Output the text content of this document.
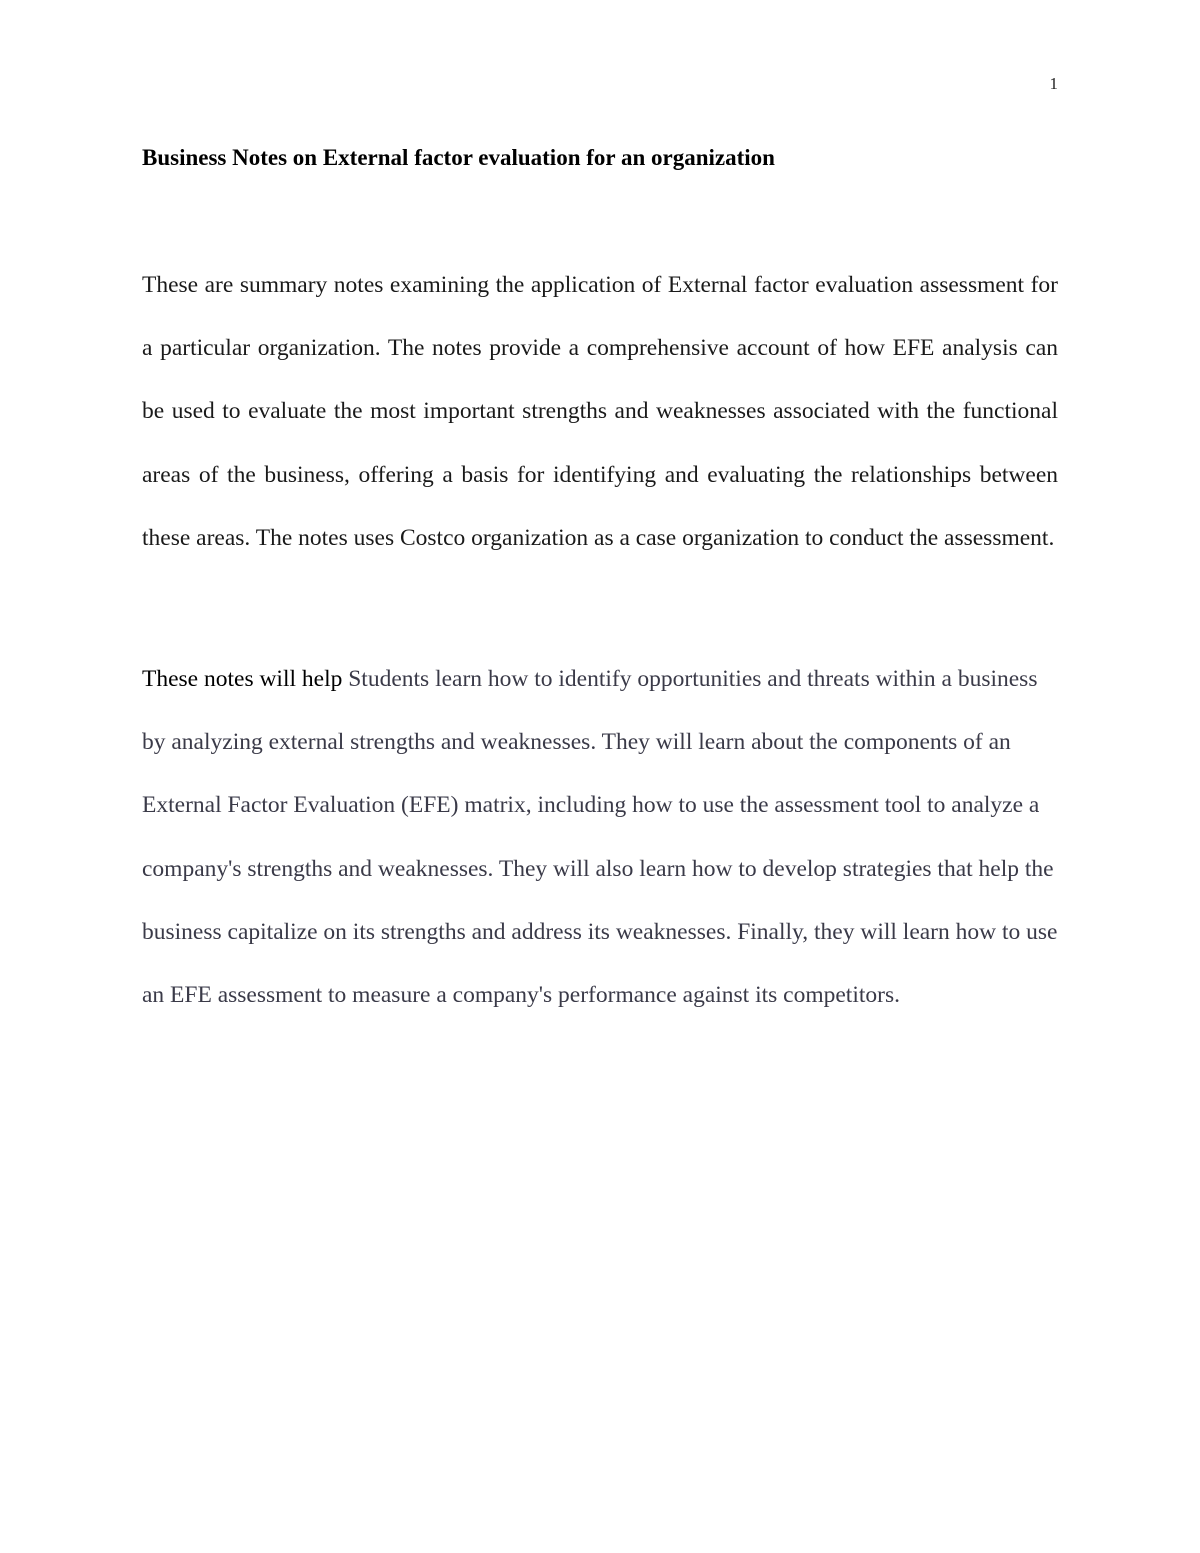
1
Business Notes on External factor evaluation for an organization

These are summary notes examining the application of External factor evaluation assessment for a particular organization. The notes provide a comprehensive account of how EFE analysis can be used to evaluate the most important strengths and weaknesses associated with the functional areas of the business, offering a basis for identifying and evaluating the relationships between these areas. The notes uses Costco organization as a case organization to conduct the assessment.

These notes will help Students learn how to identify opportunities and threats within a business by analyzing external strengths and weaknesses. They will learn about the components of an External Factor Evaluation (EFE) matrix, including how to use the assessment tool to analyze a company's strengths and weaknesses. They will also learn how to develop strategies that help the business capitalize on its strengths and address its weaknesses. Finally, they will learn how to use an EFE assessment to measure a company's performance against its competitors.
